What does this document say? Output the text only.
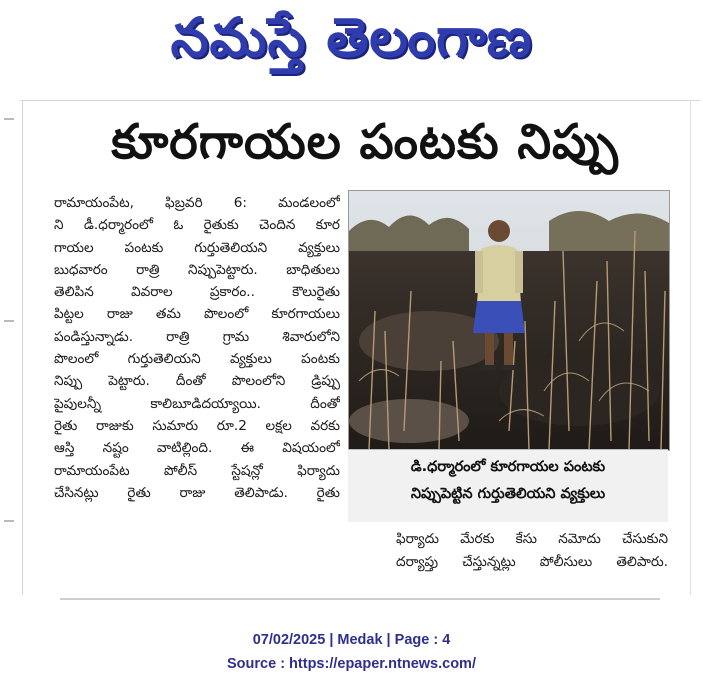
నమస్తే తెలంగాణ
కూరగాయల పంటకు నిప్పు
రామాయంపేట, ఫిబ్రవరి 6: మండలంలో
ని డీ.ధర్మారంలో ఓ రైతుకు చెందిన కూర
గాయల పంటకు గుర్తుతెలియని వ్యక్తులు
బుధవారం రాత్రి నిప్పుపెట్టారు. బాధితులు
తెలిపిన వివరాల ప్రకారం.. కౌలురైతు
పిట్టల రాజు తమ పొలంలో కూరగాయలు
పండిస్తున్నాడు. రాత్రి గ్రామ శివారులోని
పొలంలో గుర్తుతెలియని వ్యక్తులు పంటకు
నిప్పు పెట్టారు. దీంతో పొలంలోని డ్రిప్పు
పైపులన్నీ కాలిబూడిదయ్యాయి. దీంతో
రైతు రాజుకు సుమారు రూ.2 లక్షల వరకు
ఆస్తి నష్టం వాటిల్లింది. ఈ విషయంలో
రామాయంపేట పోలీస్ స్టేషన్లో ఫిర్యాదు
చేసినట్లు రైతు రాజు తెలిపాడు. రైతు
డి.ధర్మారంలో కూరగాయల పంటకు
నిప్పుపెట్టిన గుర్తుతెలియని వ్యక్తులు
ఫిర్యాదు మేరకు కేసు నమోదు చేసుకుని
దర్యాప్తు చేస్తున్నట్లు పోలీసులు తెలిపారు.
07/02/2025 | Medak | Page : 4
Source : https://epaper.ntnews.com/
